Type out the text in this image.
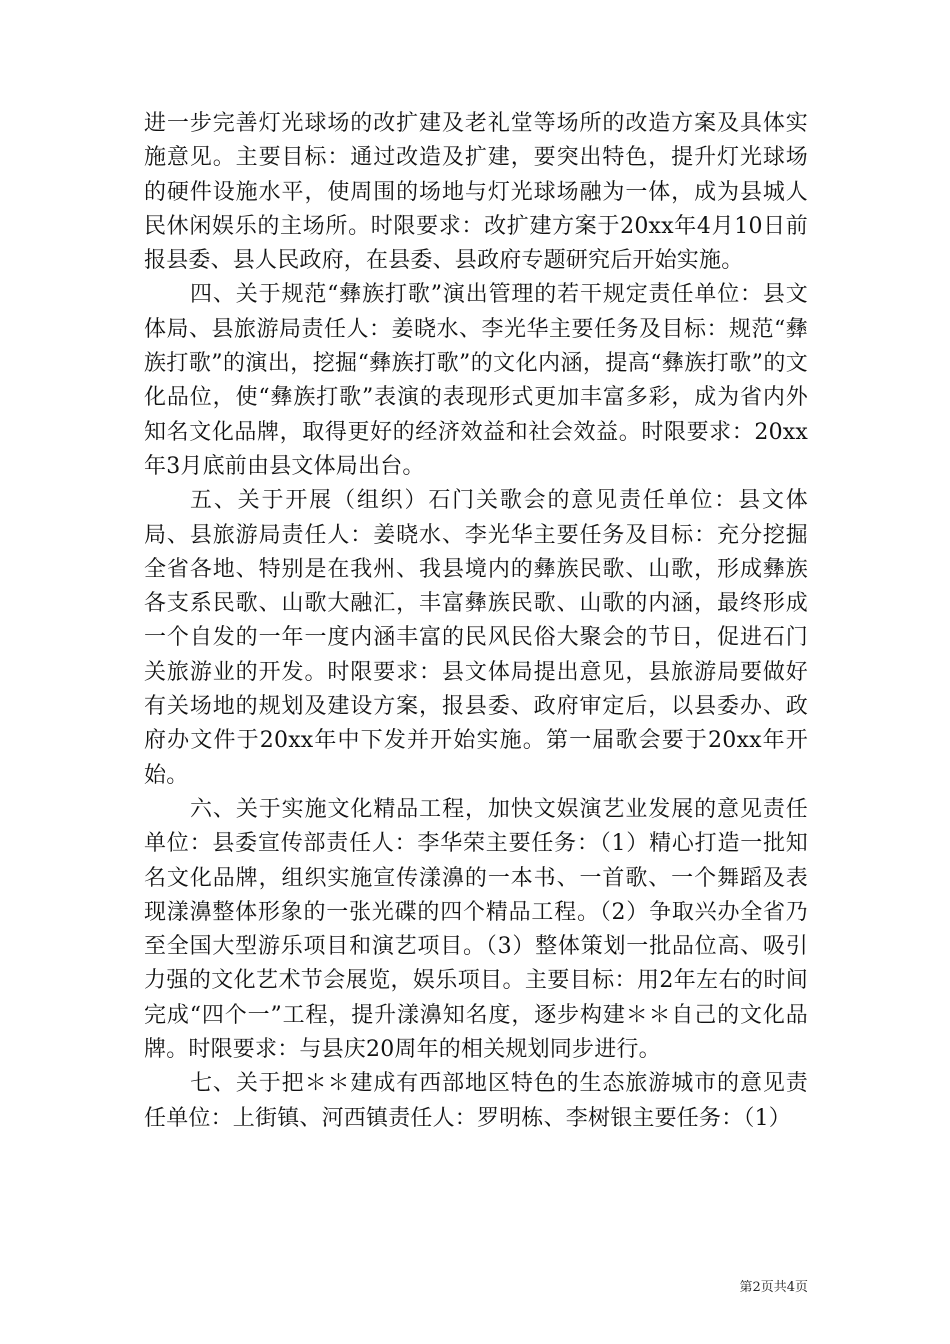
进一步完善灯光球场的改扩建及老礼堂等场所的改造方案及具体实施意见。主要目标：通过改造及扩建，要突出特色，提升灯光球场的硬件设施水平，使周围的场地与灯光球场融为一体，成为县城人民休闲娱乐的主场所。时限要求：改扩建方案于20xx年4月10日前报县委、县人民政府，在县委、县政府专题研究后开始实施。

四、关于规范“彝族打歌”演出管理的若干规定责任单位：县文体局、县旅游局责任人：姜晓水、李光华主要任务及目标：规范“彝族打歌”的演出，挖掘“彝族打歌”的文化内涵，提高“彝族打歌”的文化品位，使“彝族打歌”表演的表现形式更加丰富多彩，成为省内外知名文化品牌，取得更好的经济效益和社会效益。时限要求：20xx年3月底前由县文体局出台。

五、关于开展（组织）石门关歌会的意见责任单位：县文体局、县旅游局责任人：姜晓水、李光华主要任务及目标：充分挖掘全省各地、特别是在我州、我县境内的彝族民歌、山歌，形成彝族各支系民歌、山歌大融汇，丰富彝族民歌、山歌的内涵，最终形成一个自发的一年一度内涵丰富的民风民俗大聚会的节日，促进石门关旅游业的开发。时限要求：县文体局提出意见，县旅游局要做好有关场地的规划及建设方案，报县委、政府审定后，以县委办、政府办文件于20xx年中下发并开始实施。第一届歌会要于20xx年开始。

六、关于实施文化精品工程，加快文娱演艺业发展的意见责任单位：县委宣传部责任人：李华荣主要任务：（1）精心打造一批知名文化品牌，组织实施宣传漾濞的一本书、一首歌、一个舞蹈及表现漾濞整体形象的一张光碟的四个精品工程。（2）争取兴办全省乃至全国大型游乐项目和演艺项目。（3）整体策划一批品位高、吸引力强的文化艺术节会展览，娱乐项目。主要目标：用2年左右的时间完成“四个一”工程，提升漾濞知名度，逐步构建＊＊自己的文化品牌。时限要求：与县庆20周年的相关规划同步进行。

七、关于把＊＊建成有西部地区特色的生态旅游城市的意见责任单位：上街镇、河西镇责任人：罗明栋、李树银主要任务：（1）

第2页共4页
